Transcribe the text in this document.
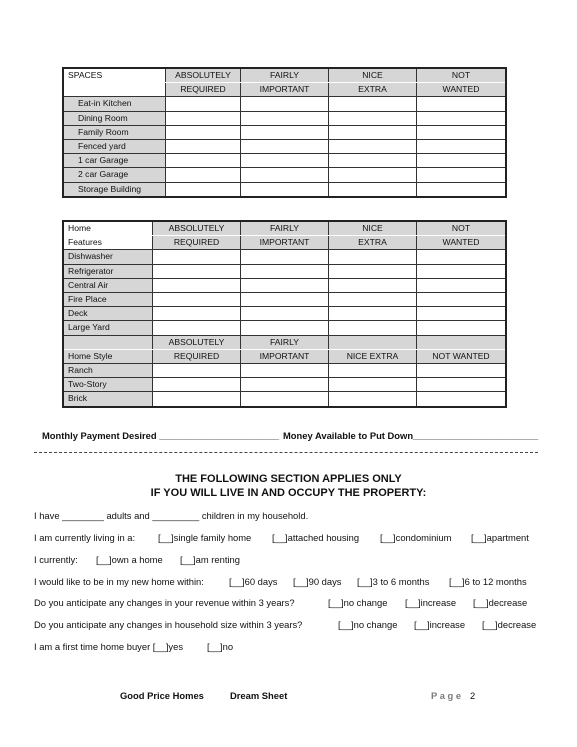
SPACES	ABSOLUTELY	FAIRLY	NICE	NOT
	REQUIRED	IMPORTANT	EXTRA	WANTED
Eat-in Kitchen				
Dining Room				
Family Room				
Fenced yard				
1 car Garage				
2 car Garage				
Storage Building				
Home	ABSOLUTELY	FAIRLY	NICE	NOT
Features	REQUIRED	IMPORTANT	EXTRA	WANTED
Dishwasher				
Refrigerator				
Central Air				
Fire Place				
Deck				
Large Yard				
	ABSOLUTELY	FAIRLY		
Home Style	REQUIRED	IMPORTANT	NICE EXTRA	NOT WANTED
Ranch				
Two-Story				
Brick				
Monthly Payment Desired _______________________ Money Available to Put Down________________________
THE FOLLOWING SECTION APPLIES ONLY
IF YOU WILL LIVE IN AND OCCUPY THE PROPERTY:
I have ________ adults and _________ children in my household.
I am currently living in a: [__]single family home [__]attached housing [__]condominium [__]apartment
I currently: [__]own a home [__]am renting
I would like to be in my new home within:	[__]60 days [__]90 days [__]3 to 6 months [__]6 to 12 months
Do you anticipate any changes in your revenue within 3 years?	[__]no change [__]increase [__]decrease
Do you anticipate any changes in household size within 3 years?	[__]no change [__]increase [__]decrease
I am a first time home buyer [__]yes	[__]no
Good Price Homes	Dream Sheet	P a g e 2
